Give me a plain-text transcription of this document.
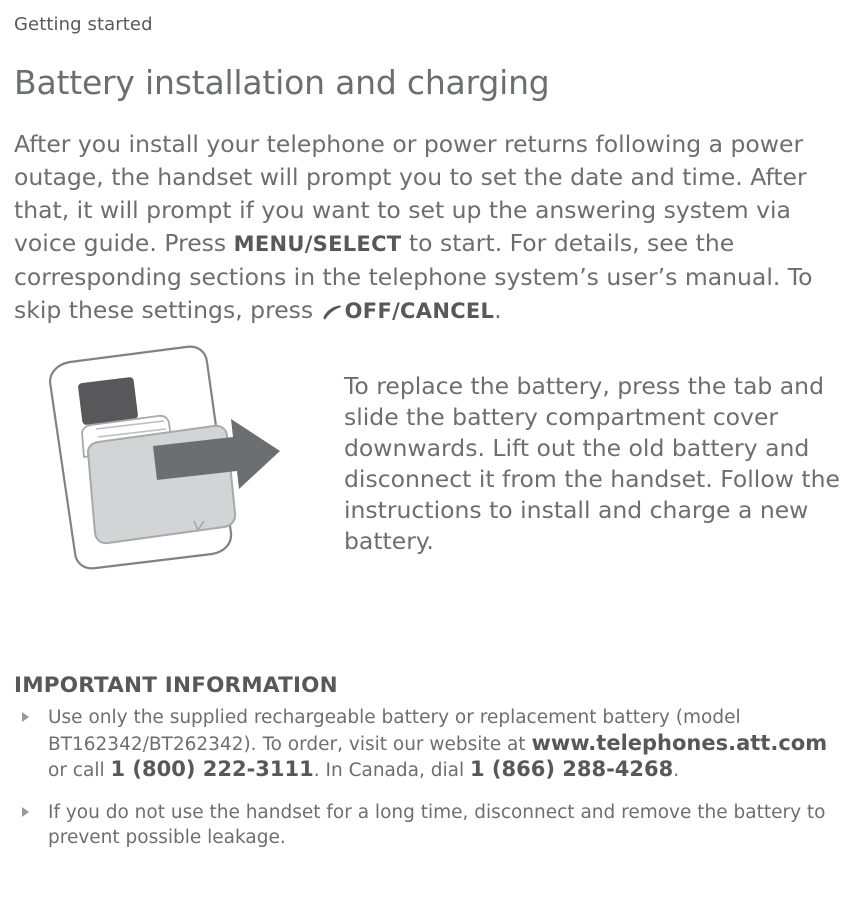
Getting started
Battery installation and charging

After you install your telephone or power returns following a power outage, the handset will prompt you to set the date and time. After that, it will prompt if you want to set up the answering system via voice guide. Press MENU/SELECT to start. For details, see the corresponding sections in the telephone system’s user’s manual. To skip these settings, press OFF/CANCEL.

To replace the battery, press the tab and slide the battery compartment cover downwards. Lift out the old battery and disconnect it from the handset. Follow the instructions to install and charge a new battery.

IMPORTANT INFORMATION
Use only the supplied rechargeable battery or replacement battery (model BT162342/BT262342). To order, visit our website at www.telephones.att.com or call 1 (800) 222-3111. In Canada, dial 1 (866) 288-4268.
If you do not use the handset for a long time, disconnect and remove the battery to prevent possible leakage.
